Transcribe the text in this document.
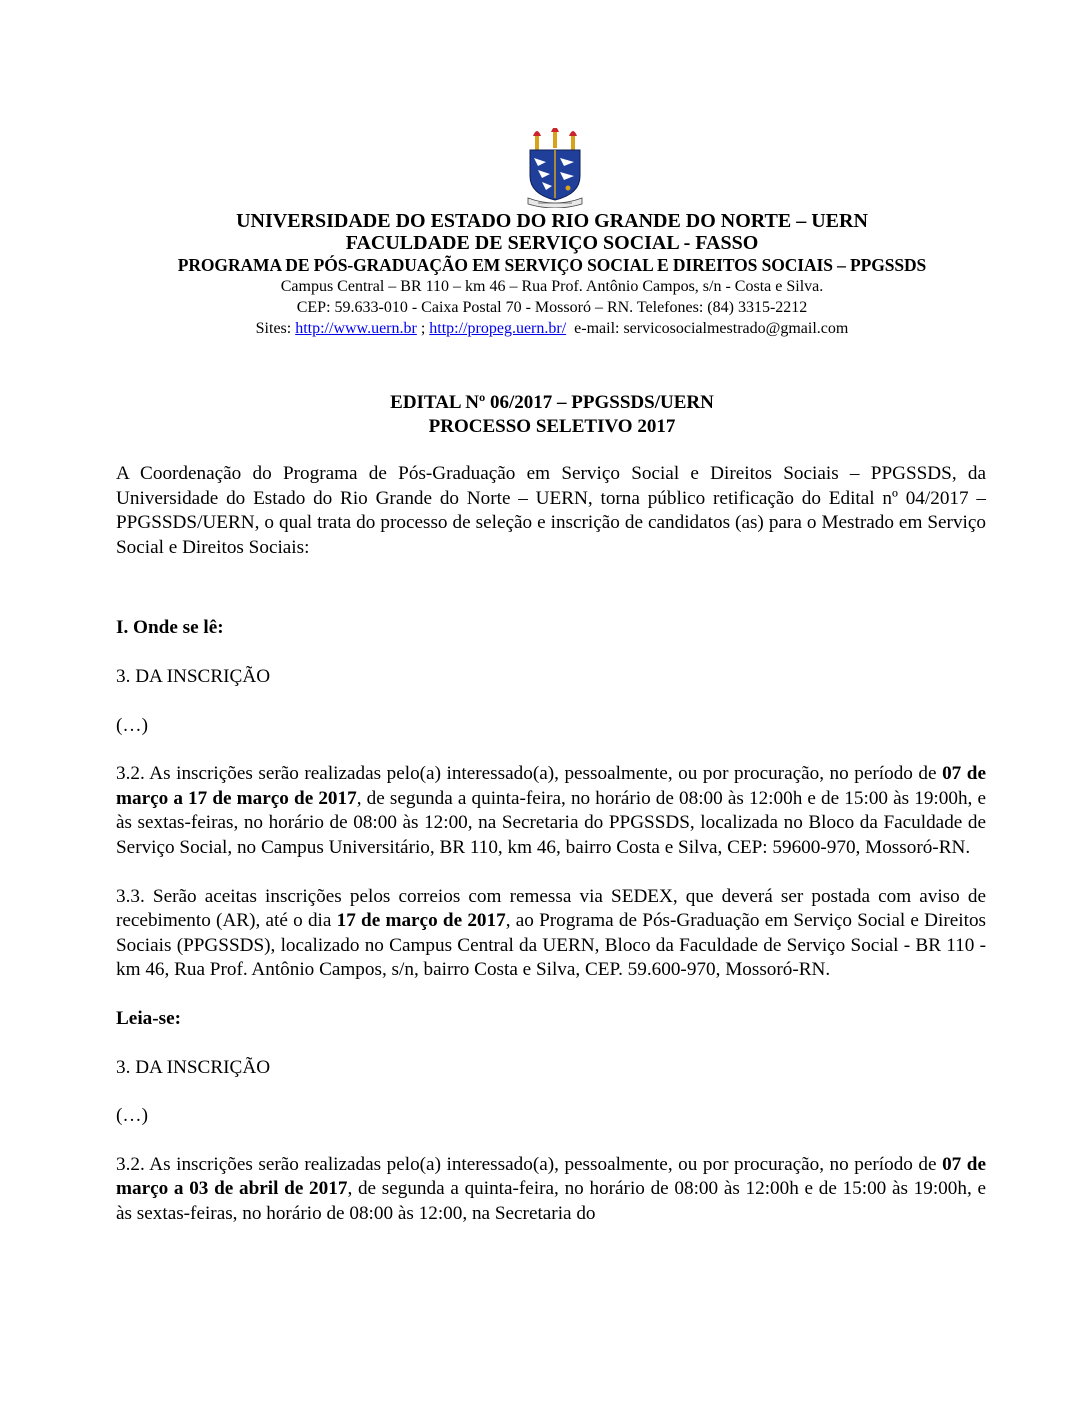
UNIVERSIDADE DO ESTADO DO RIO GRANDE DO NORTE – UERN
FACULDADE DE SERVIÇO SOCIAL - FASSO
PROGRAMA DE PÓS-GRADUAÇÃO EM SERVIÇO SOCIAL E DIREITOS SOCIAIS – PPGSSDS
Campus Central – BR 110 – km 46 – Rua Prof. Antônio Campos, s/n - Costa e Silva.
CEP: 59.633-010 - Caixa Postal 70 - Mossoró – RN. Telefones: (84) 3315-2212
Sites: http://www.uern.br ; http://propeg.uern.br/  e-mail: servicosocialmestrado@gmail.com
EDITAL Nº 06/2017 – PPGSSDS/UERN
PROCESSO SELETIVO 2017

A Coordenação do Programa de Pós-Graduação em Serviço Social e Direitos Sociais – PPGSSDS, da Universidade do Estado do Rio Grande do Norte – UERN, torna público retificação do Edital nº 04/2017 – PPGSSDS/UERN, o qual trata do processo de seleção e inscrição de candidatos (as) para o Mestrado em Serviço Social e Direitos Sociais:

I. Onde se lê:

3. DA INSCRIÇÃO

(…)

3.2. As inscrições serão realizadas pelo(a) interessado(a), pessoalmente, ou por procuração, no período de 07 de março a 17 de março de 2017, de segunda a quinta-feira, no horário de 08:00 às 12:00h e de 15:00 às 19:00h, e às sextas-feiras, no horário de 08:00 às 12:00, na Secretaria do PPGSSDS, localizada no Bloco da Faculdade de Serviço Social, no Campus Universitário, BR 110, km 46, bairro Costa e Silva, CEP: 59600-970, Mossoró-RN.

3.3. Serão aceitas inscrições pelos correios com remessa via SEDEX, que deverá ser postada com aviso de recebimento (AR), até o dia 17 de março de 2017, ao Programa de Pós-Graduação em Serviço Social e Direitos Sociais (PPGSSDS), localizado no Campus Central da UERN, Bloco da Faculdade de Serviço Social - BR 110 - km 46, Rua Prof. Antônio Campos, s/n, bairro Costa e Silva, CEP. 59.600-970, Mossoró-RN.

Leia-se:

3. DA INSCRIÇÃO

(…)

3.2. As inscrições serão realizadas pelo(a) interessado(a), pessoalmente, ou por procuração, no período de 07 de março a 03 de abril de 2017, de segunda a quinta-feira, no horário de 08:00 às 12:00h e de 15:00 às 19:00h, e às sextas-feiras, no horário de 08:00 às 12:00, na Secretaria do
